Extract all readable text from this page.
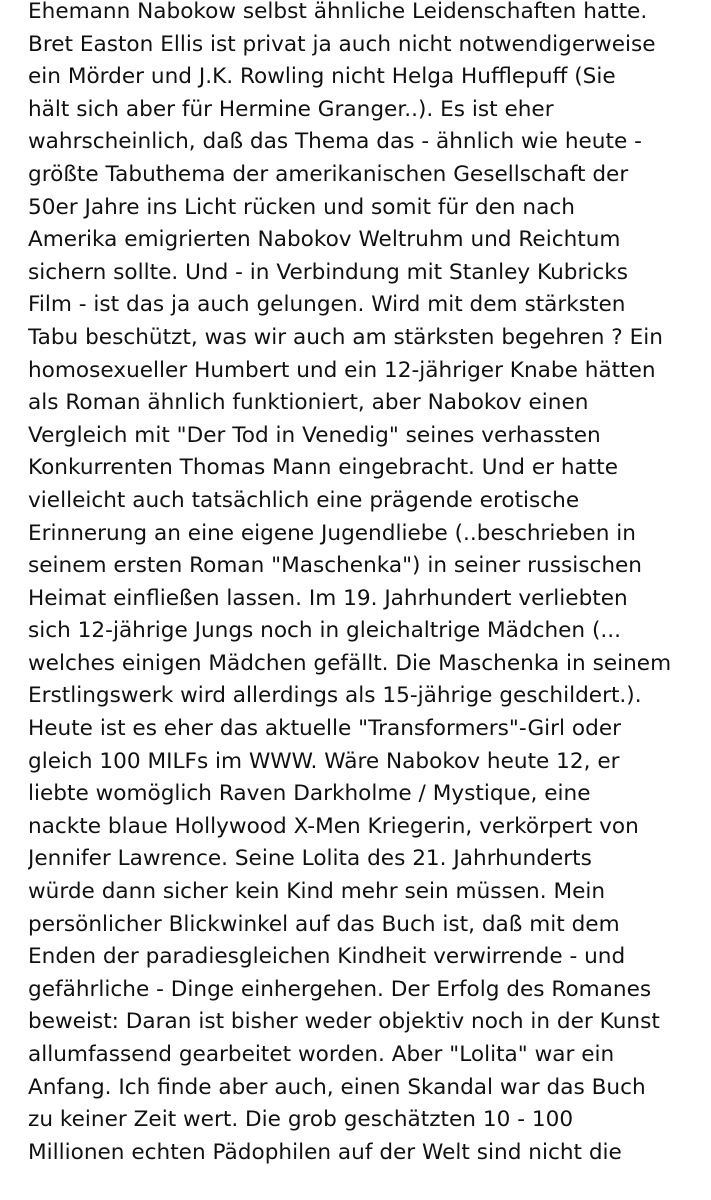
Ehemann Nabokow selbst ähnliche Leidenschaften hatte.
Bret Easton Ellis ist privat ja auch nicht notwendigerweise
ein Mörder und J.K. Rowling nicht Helga Hufflepuff (Sie
hält sich aber für Hermine Granger..). Es ist eher
wahrscheinlich, daß das Thema das - ähnlich wie heute -
größte Tabuthema der amerikanischen Gesellschaft der
50er Jahre ins Licht rücken und somit für den nach
Amerika emigrierten Nabokov Weltruhm und Reichtum
sichern sollte. Und - in Verbindung mit Stanley Kubricks
Film - ist das ja auch gelungen. Wird mit dem stärksten
Tabu beschützt, was wir auch am stärksten begehren ? Ein
homosexueller Humbert und ein 12-jähriger Knabe hätten
als Roman ähnlich funktioniert, aber Nabokov einen
Vergleich mit "Der Tod in Venedig" seines verhassten
Konkurrenten Thomas Mann eingebracht. Und er hatte
vielleicht auch tatsächlich eine prägende erotische
Erinnerung an eine eigene Jugendliebe (..beschrieben in
seinem ersten Roman "Maschenka") in seiner russischen
Heimat einfließen lassen. Im 19. Jahrhundert verliebten
sich 12-jährige Jungs noch in gleichaltrige Mädchen (...
welches einigen Mädchen gefällt. Die Maschenka in seinem
Erstlingswerk wird allerdings als 15-jährige geschildert.).
Heute ist es eher das aktuelle "Transformers"-Girl oder
gleich 100 MILFs im WWW. Wäre Nabokov heute 12, er
liebte womöglich Raven Darkholme / Mystique, eine
nackte blaue Hollywood X-Men Kriegerin, verkörpert von
Jennifer Lawrence. Seine Lolita des 21. Jahrhunderts
würde dann sicher kein Kind mehr sein müssen. Mein
persönlicher Blickwinkel auf das Buch ist, daß mit dem
Enden der paradiesgleichen Kindheit verwirrende - und
gefährliche - Dinge einhergehen. Der Erfolg des Romanes
beweist: Daran ist bisher weder objektiv noch in der Kunst
allumfassend gearbeitet worden. Aber "Lolita" war ein
Anfang. Ich finde aber auch, einen Skandal war das Buch
zu keiner Zeit wert. Die grob geschätzten 10 - 100
Millionen echten Pädophilen auf der Welt sind nicht die
